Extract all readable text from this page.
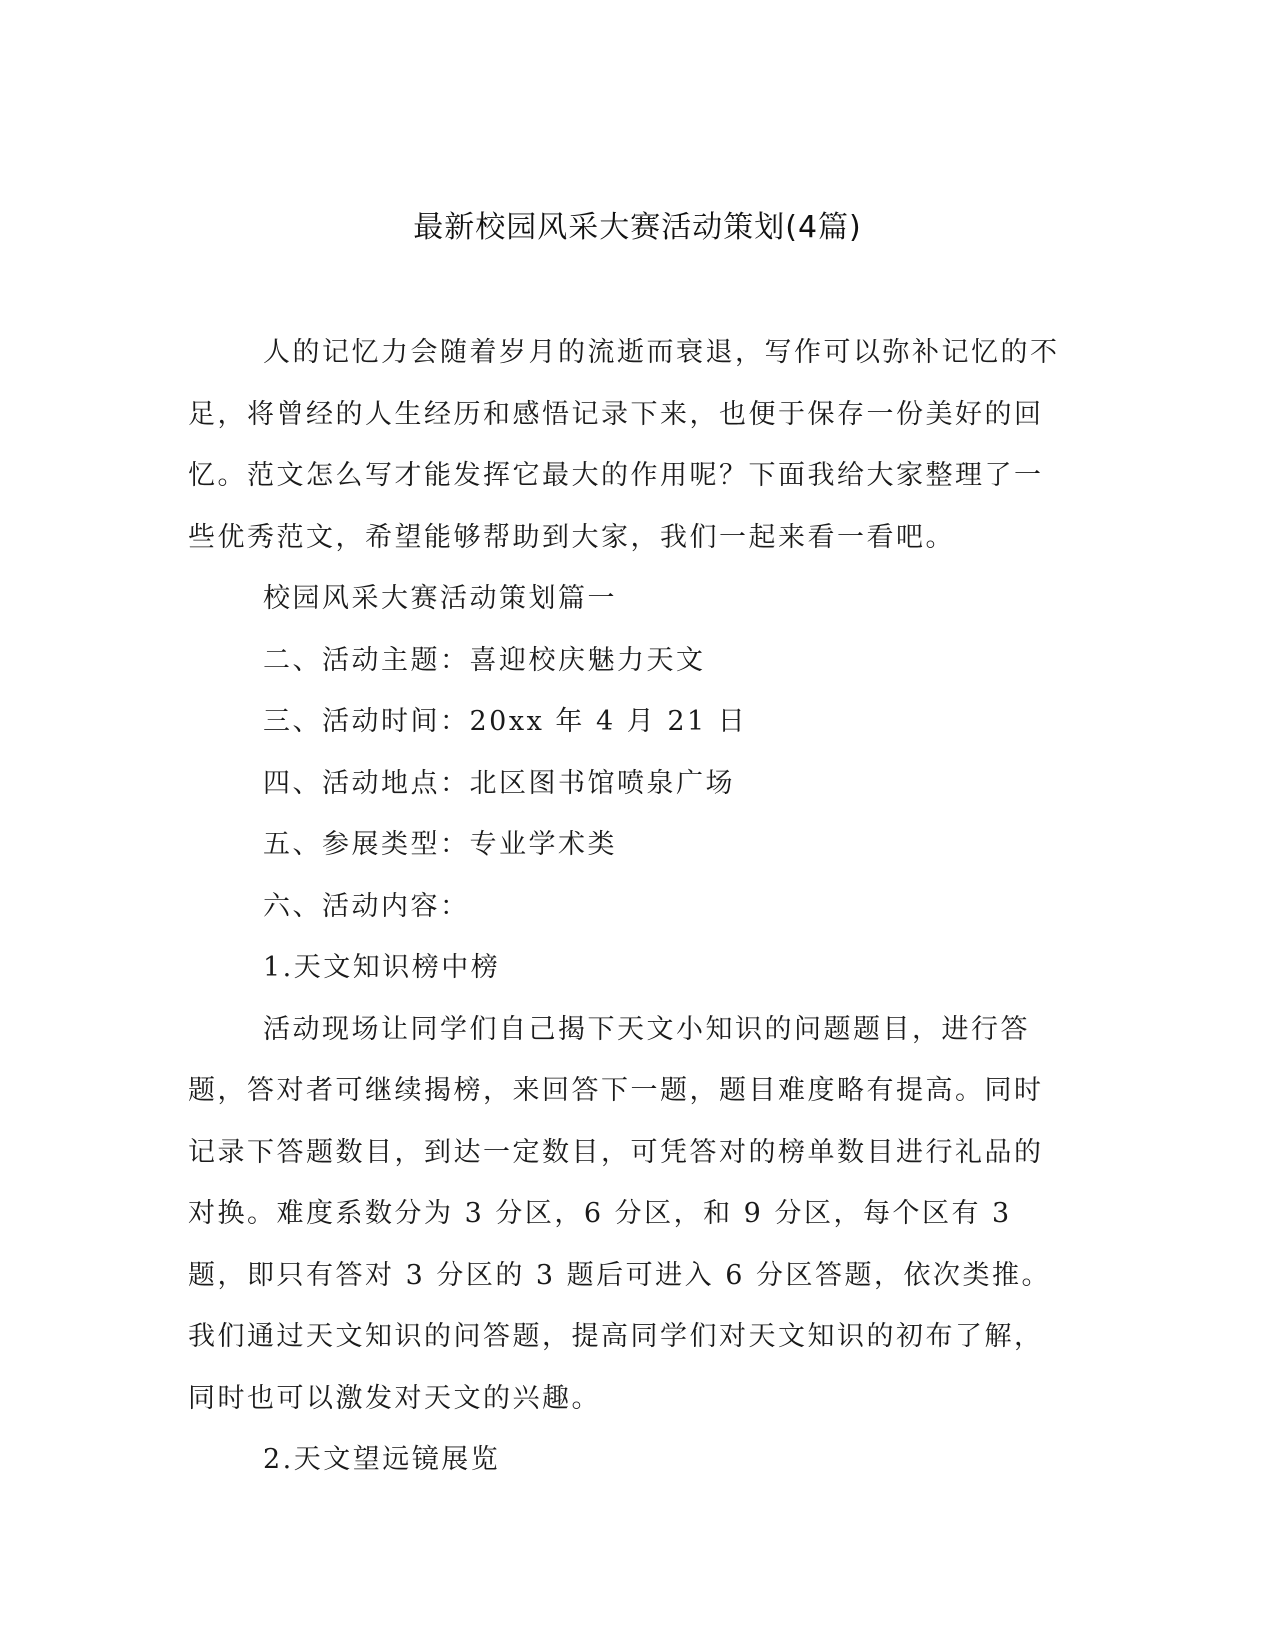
最新校园风采大赛活动策划(4篇)

人的记忆力会随着岁月的流逝而衰退，写作可以弥补记忆的不足，将曾经的人生经历和感悟记录下来，也便于保存一份美好的回忆。范文怎么写才能发挥它最大的作用呢？下面我给大家整理了一些优秀范文，希望能够帮助到大家，我们一起来看一看吧。

校园风采大赛活动策划篇一

二、活动主题：喜迎校庆魅力天文

三、活动时间：20xx 年 4 月 21 日

四、活动地点：北区图书馆喷泉广场

五、参展类型：专业学术类

六、活动内容：

1.天文知识榜中榜

活动现场让同学们自己揭下天文小知识的问题题目，进行答题，答对者可继续揭榜，来回答下一题，题目难度略有提高。同时记录下答题数目，到达一定数目，可凭答对的榜单数目进行礼品的对换。难度系数分为 3 分区，6 分区，和 9 分区，每个区有 3 题，即只有答对 3 分区的 3 题后可进入 6 分区答题，依次类推。我们通过天文知识的问答题，提高同学们对天文知识的初布了解，同时也可以激发对天文的兴趣。

2.天文望远镜展览
